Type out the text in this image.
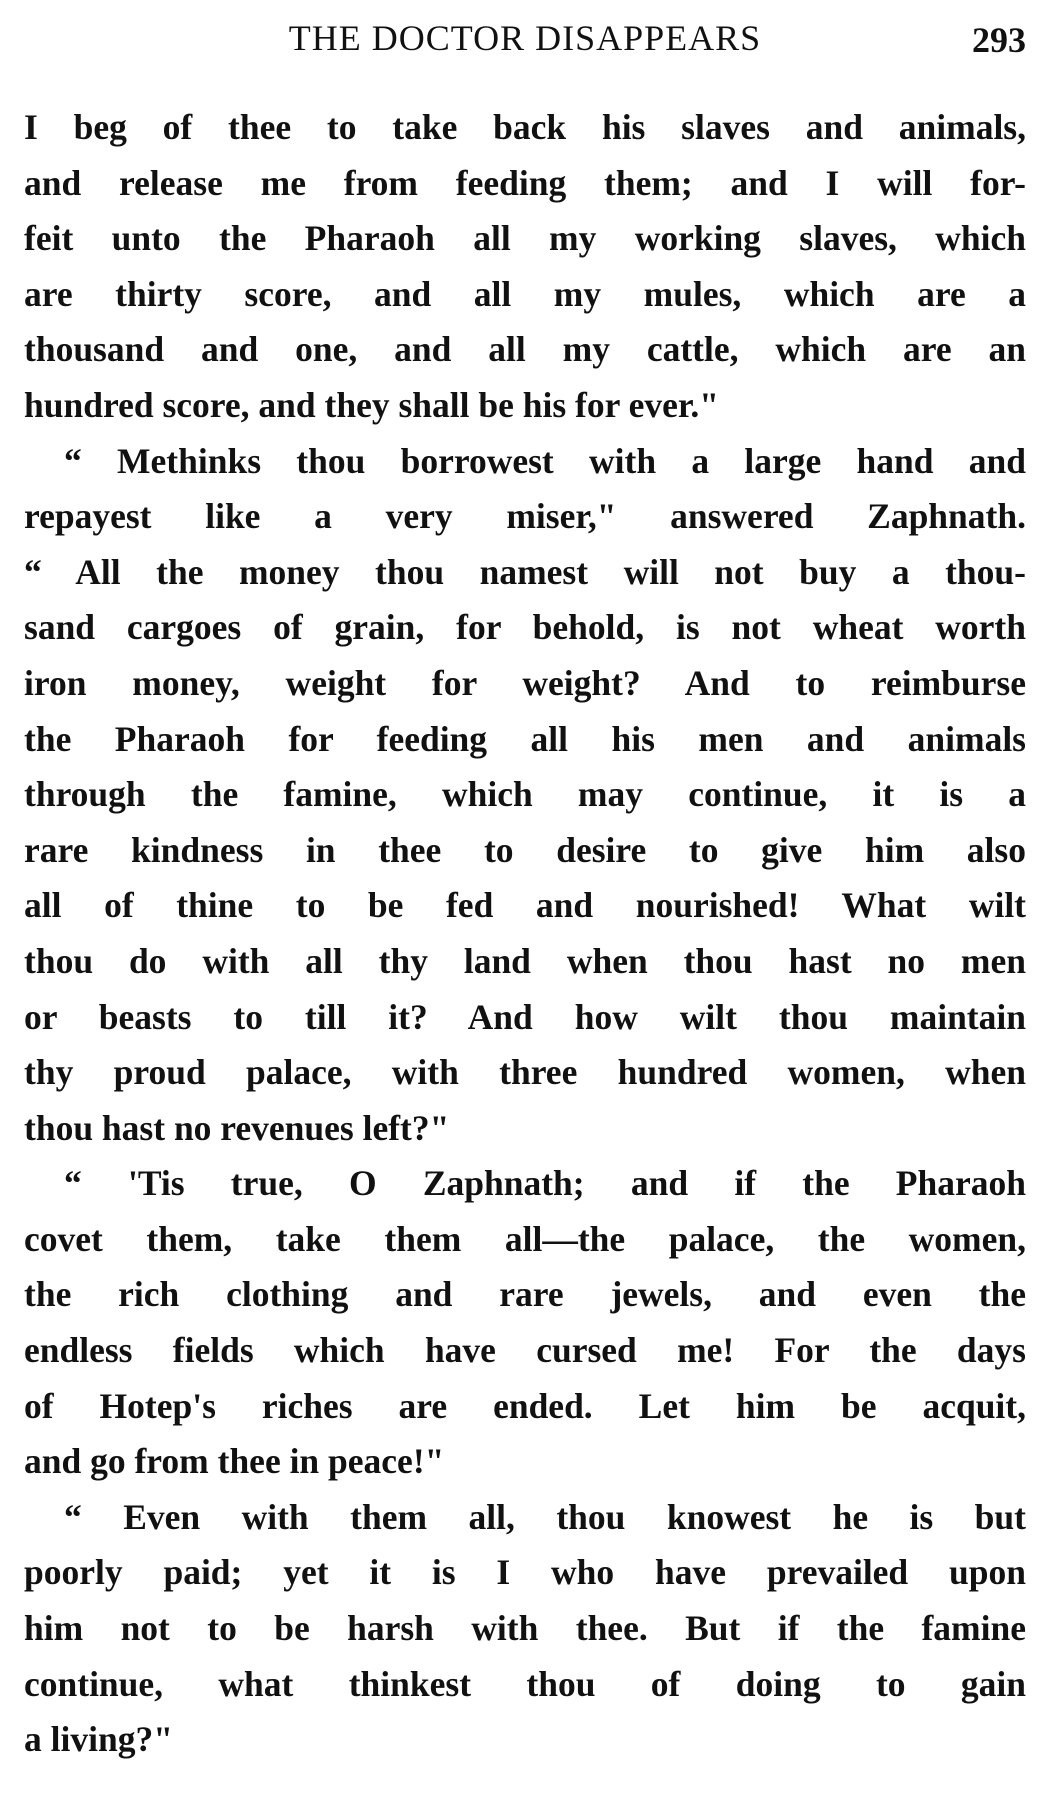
THE DOCTOR DISAPPEARS	293
I beg of thee to take back his slaves and animals,
and release me from feeding them; and I will for-
feit unto the Pharaoh all my working slaves, which
are thirty score, and all my mules, which are a
thousand and one, and all my cattle, which are an
hundred score, and they shall be his for ever."
“ Methinks thou borrowest with a large hand and
repayest like a very miser," answered Zaphnath.
“ All the money thou namest will not buy a thou-
sand cargoes of grain, for behold, is not wheat worth
iron money, weight for weight? And to reimburse
the Pharaoh for feeding all his men and animals
through the famine, which may continue, it is a
rare kindness in thee to desire to give him also
all of thine to be fed and nourished! What wilt
thou do with all thy land when thou hast no men
or beasts to till it? And how wilt thou maintain
thy proud palace, with three hundred women, when
thou hast no revenues left?"
“ 'Tis true, O Zaphnath; and if the Pharaoh
covet them, take them all—the palace, the women,
the rich clothing and rare jewels, and even the
endless fields which have cursed me! For the days
of Hotep's riches are ended. Let him be acquit,
and go from thee in peace!"
“ Even with them all, thou knowest he is but
poorly paid; yet it is I who have prevailed upon
him not to be harsh with thee. But if the famine
continue, what thinkest thou of doing to gain
a living?"
